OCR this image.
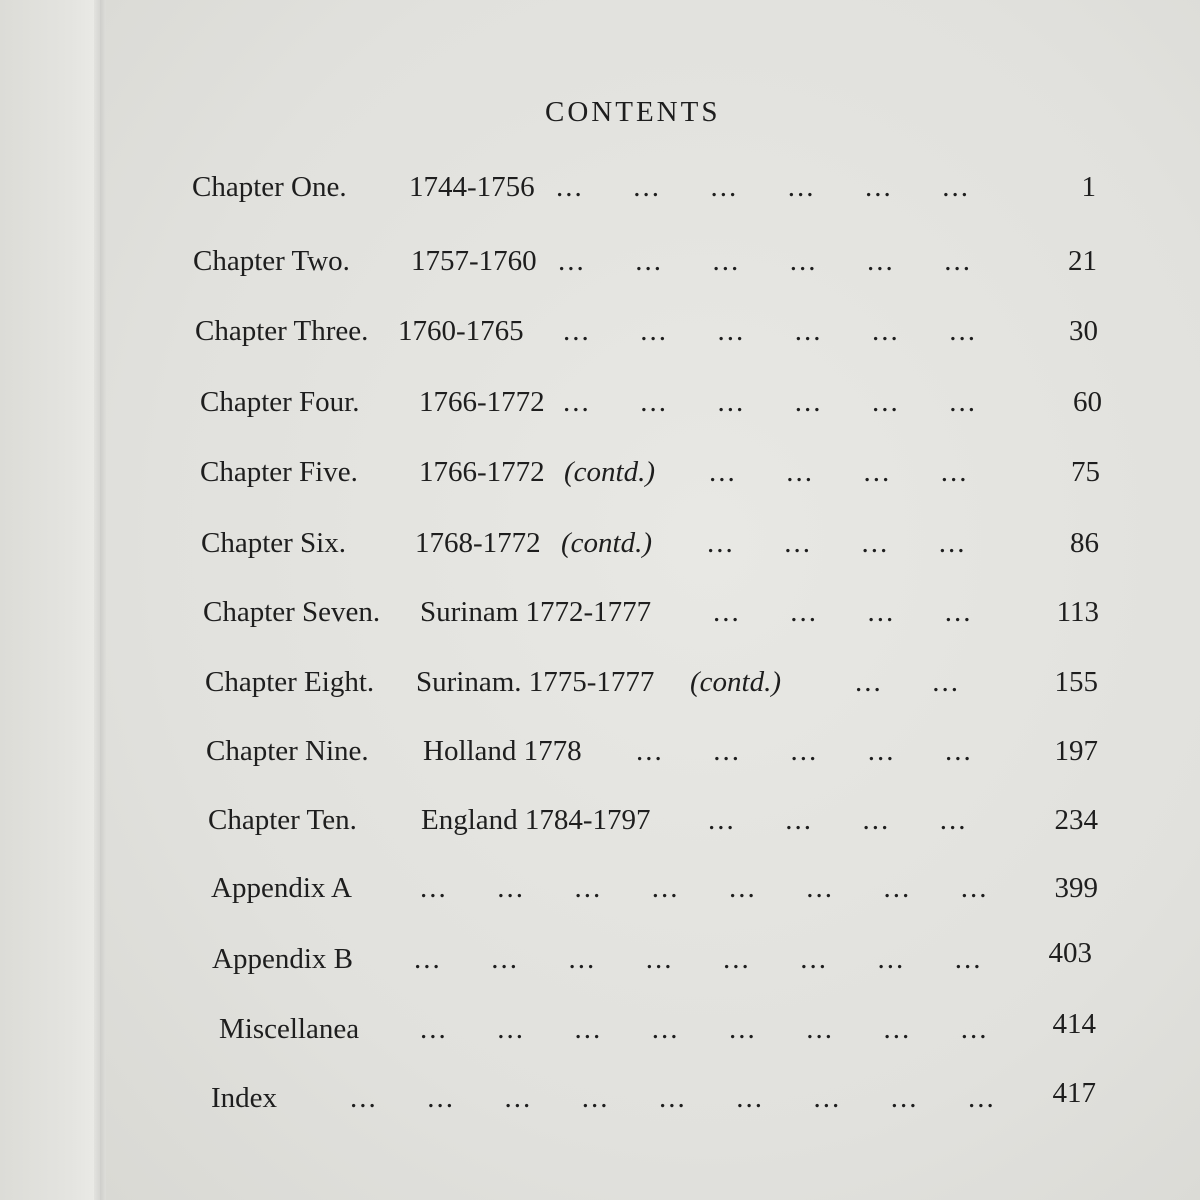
CONTENTS
Chapter One. 1744-1756 ...   ...   ...   ...   ...   ...	1
Chapter Two. 1757-1760 ...   ...   ...   ...   ...   ...	21
Chapter Three. 1760-1765 ...   ...   ...   ...   ...   ...	30
Chapter Four. 1766-1772 ...   ...   ...   ...   ...   ...	60
Chapter Five. 1766-1772 (contd.) ...   ...   ...   ...	75
Chapter Six. 1768-1772 (contd.) ...   ...   ...   ...	86
Chapter Seven. Surinam 1772-1777 ...   ...   ...   ...	113
Chapter Eight. Surinam. 1775-1777 (contd.)	...   ...	155
Chapter Nine. Holland 1778 ...   ...   ...   ...   ...	197
Chapter Ten. England 1784-1797 ...   ...   ...   ...	234
Appendix A ...   ...   ...   ...   ...   ...   ...   ... 399
Appendix B ...   ...   ...   ...   ...   ...   ...   ... 403
Miscellanea ...   ...   ...   ...   ...   ...   ...   ... 414
Index	...   ...   ...   ...   ...   ...   ...   ...   ... 417
